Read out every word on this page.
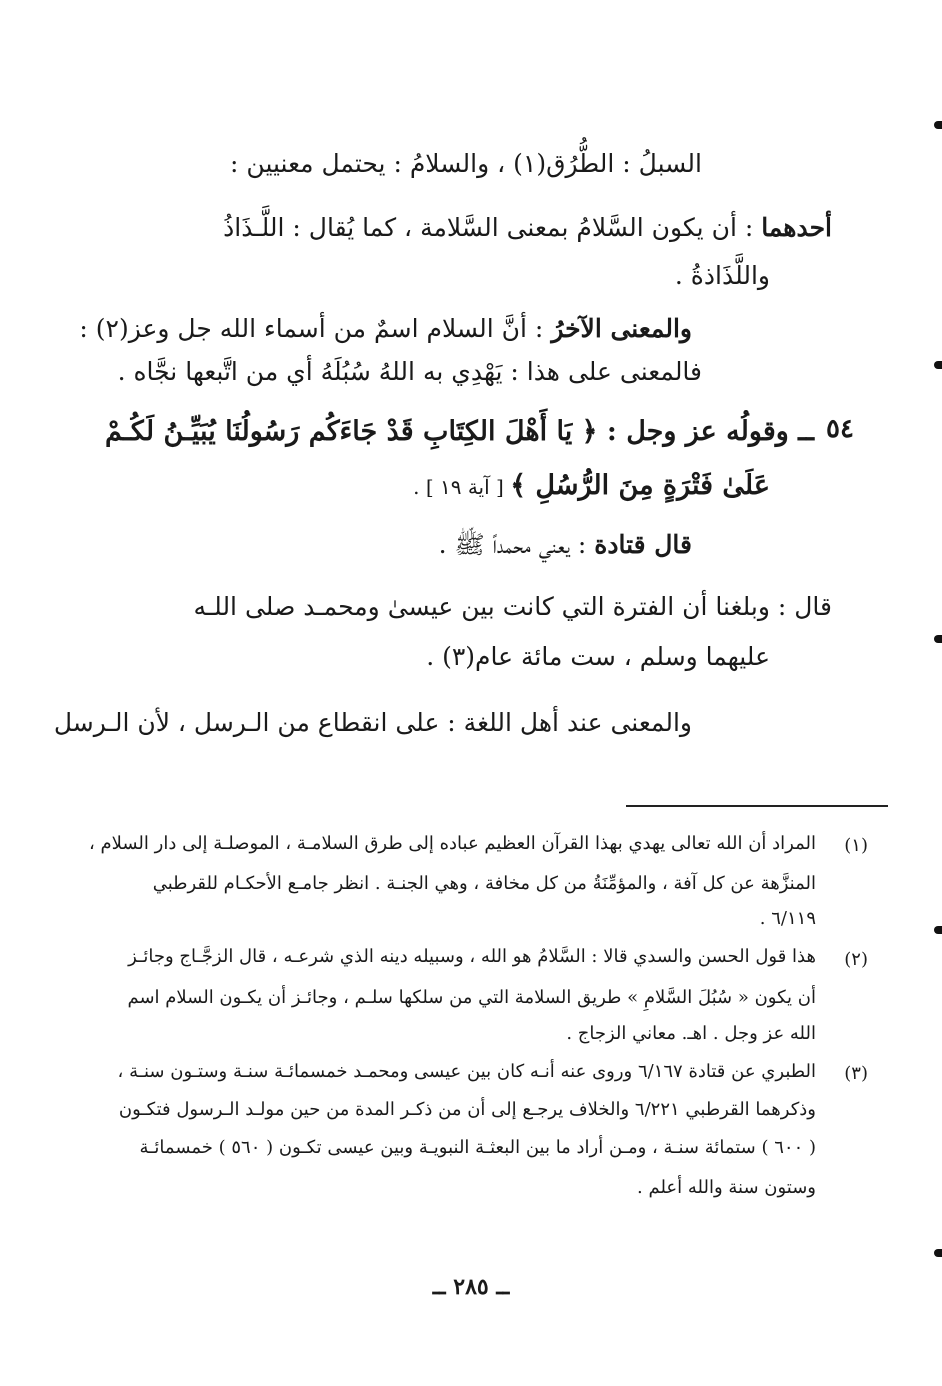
السبلُ : الطُّرُق(١) ، والسلامُ : يحتمل معنيين :
أحدهما : أن يكون السَّلامُ بمعنى السَّلامة ، كما يُقال : اللَّـذَاذُ
واللَّذَاذةُ .
والمعنى الآخرُ : أنَّ السلام اسمٌ من أسماء الله جل وعز(٢) :
فالمعنى على هذا : يَهْدِي به اللهُ سُبُلَهُ أي من اتَّبعها نجَّاه .
٥٤
ــ وقولُه عز وجل : ﴿ يَا أَهْلَ الكِتَابِ قَدْ جَاءَكُم رَسُولُنَا يُبَيِّـنُ لَكُـمْ
عَلَىٰ فَتْرَةٍ مِنَ الرُّسُلِ ﴾ [ آية ١٩ ] .
قال قتادة : يعني محمداً ﷺ .
قال : وبلغنا أن الفترة التي كانت بين عيسىٰ ومحمـد صلى اللـه
عليهما وسلم ، ست مائة عام(٣) .
والمعنى عند أهل اللغة : على انقطاع من الـرسل ، لأن الـرسل
(١)
المراد أن الله تعالى يهدي بهذا القرآن العظيم عباده إلى طرق السلامـة ، الموصلـة إلى دار السلام ،
المنزَّهة عن كل آفة ، والمؤمِّنَةُ من كل مخافة ، وهي الجنـة . انظر جامـع الأحكـام للقرطبي
٦/١١٩ .
(٢)
هذا قول الحسن والسدي قالا : السَّلامُ هو الله ، وسبيله دينه الذي شرعـه ، قال الزجَّـاج وجائـز
أن يكون « سُبُلَ السَّلامِ » طريق السلامة التي من سلكها سلـم ، وجائـز أن يكـون السلام اسم
الله عز وجل . اهـ. معاني الزجاج .
(٣)
الطبري عن قتادة ٦/١٦٧ وروى عنه أنـه كان بين عيسى ومحمـد خمسمائـة سنـة وستـون سنـة ،
وذكرهما القرطبي ٦/٢٢١ والخلاف يرجـع إلى أن من ذكـر المدة من حين مولـد الـرسول فتكـون
( ٦٠٠ ) ستمائة سنـة ، ومـن أراد ما بين البعثـة النبويـة وبين عيسى تكـون ( ٥٦٠ ) خمسمائـة
وستون سنة والله أعلم .
ــ ٢٨٥ ــ
